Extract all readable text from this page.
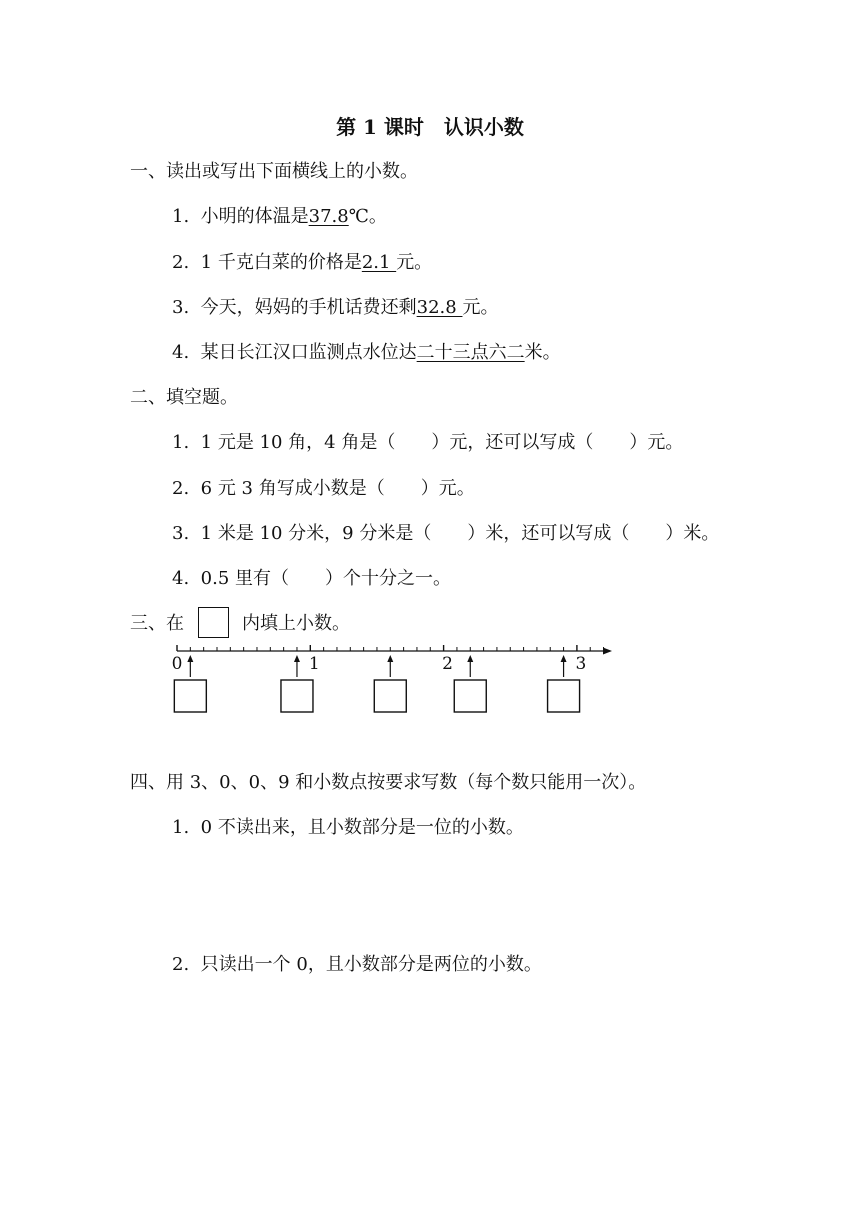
第 1 课时　认识小数
一、读出或写出下面横线上的小数。
1. 小明的体温是37.8℃。
2. 1 千克白菜的价格是2.1 元。
3. 今天，妈妈的手机话费还剩32.8 元。
4. 某日长江汉口监测点水位达二十三点六二米。
二、填空题。
1. 1 元是 10 角，4 角是（　　）元，还可以写成（　　）元。
2. 6 元 3 角写成小数是（　　）元。
3. 1 米是 10 分米，9 分米是（　　）米，还可以写成（　　）米。
4. 0.5 里有（　　）个十分之一。
三、在	内填上小数。
0	1	2	3
四、用 3、0、0、9 和小数点按要求写数（每个数只能用一次）。
1. 0 不读出来，且小数部分是一位的小数。
2. 只读出一个 0，且小数部分是两位的小数。
